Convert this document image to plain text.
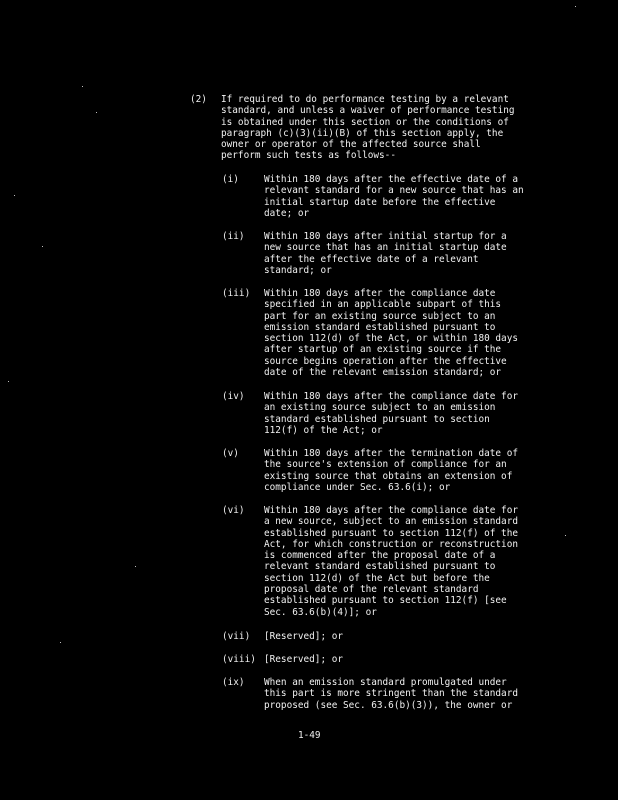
(2) If required to do performance testing by a relevant
standard, and unless a waiver of performance testing
is obtained under this section or the conditions of
paragraph (c)(3)(ii)(B) of this section apply, the
owner or operator of the affected source shall
perform such tests as follows--
(i)	Within 180 days after the effective date of a
relevant standard for a new source that has an
initial startup date before the effective
date; or
(ii) Within 180 days after initial startup for a
new source that has an initial startup date
after the effective date of a relevant
standard; or
(iii) Within 180 days after the compliance date
specified in an applicable subpart of this
part for an existing source subject to an
emission standard established pursuant to
section 112(d) of the Act, or within 180 days
after startup of an existing source if the
source begins operation after the effective
date of the relevant emission standard; or
(iv) Within 180 days after the compliance date for
an existing source subject to an emission
standard established pursuant to section
112(f) of the Act; or
(v)	Within 180 days after the termination date of
the source's extension of compliance for an
existing source that obtains an extension of
compliance under Sec. 63.6(i); or
(vi) Within 180 days after the compliance date for
a new source, subject to an emission standard
established pursuant to section 112(f) of the
Act, for which construction or reconstruction
is commenced after the proposal date of a
relevant standard established pursuant to
section 112(d) of the Act but before the
proposal date of the relevant standard
established pursuant to section 112(f) [see
Sec. 63.6(b)(4)]; or
(vii) [Reserved]; or
(viii) [Reserved]; or
(ix) When an emission standard promulgated under
this part is more stringent than the standard
proposed (see Sec. 63.6(b)(3)), the owner or
1-49
